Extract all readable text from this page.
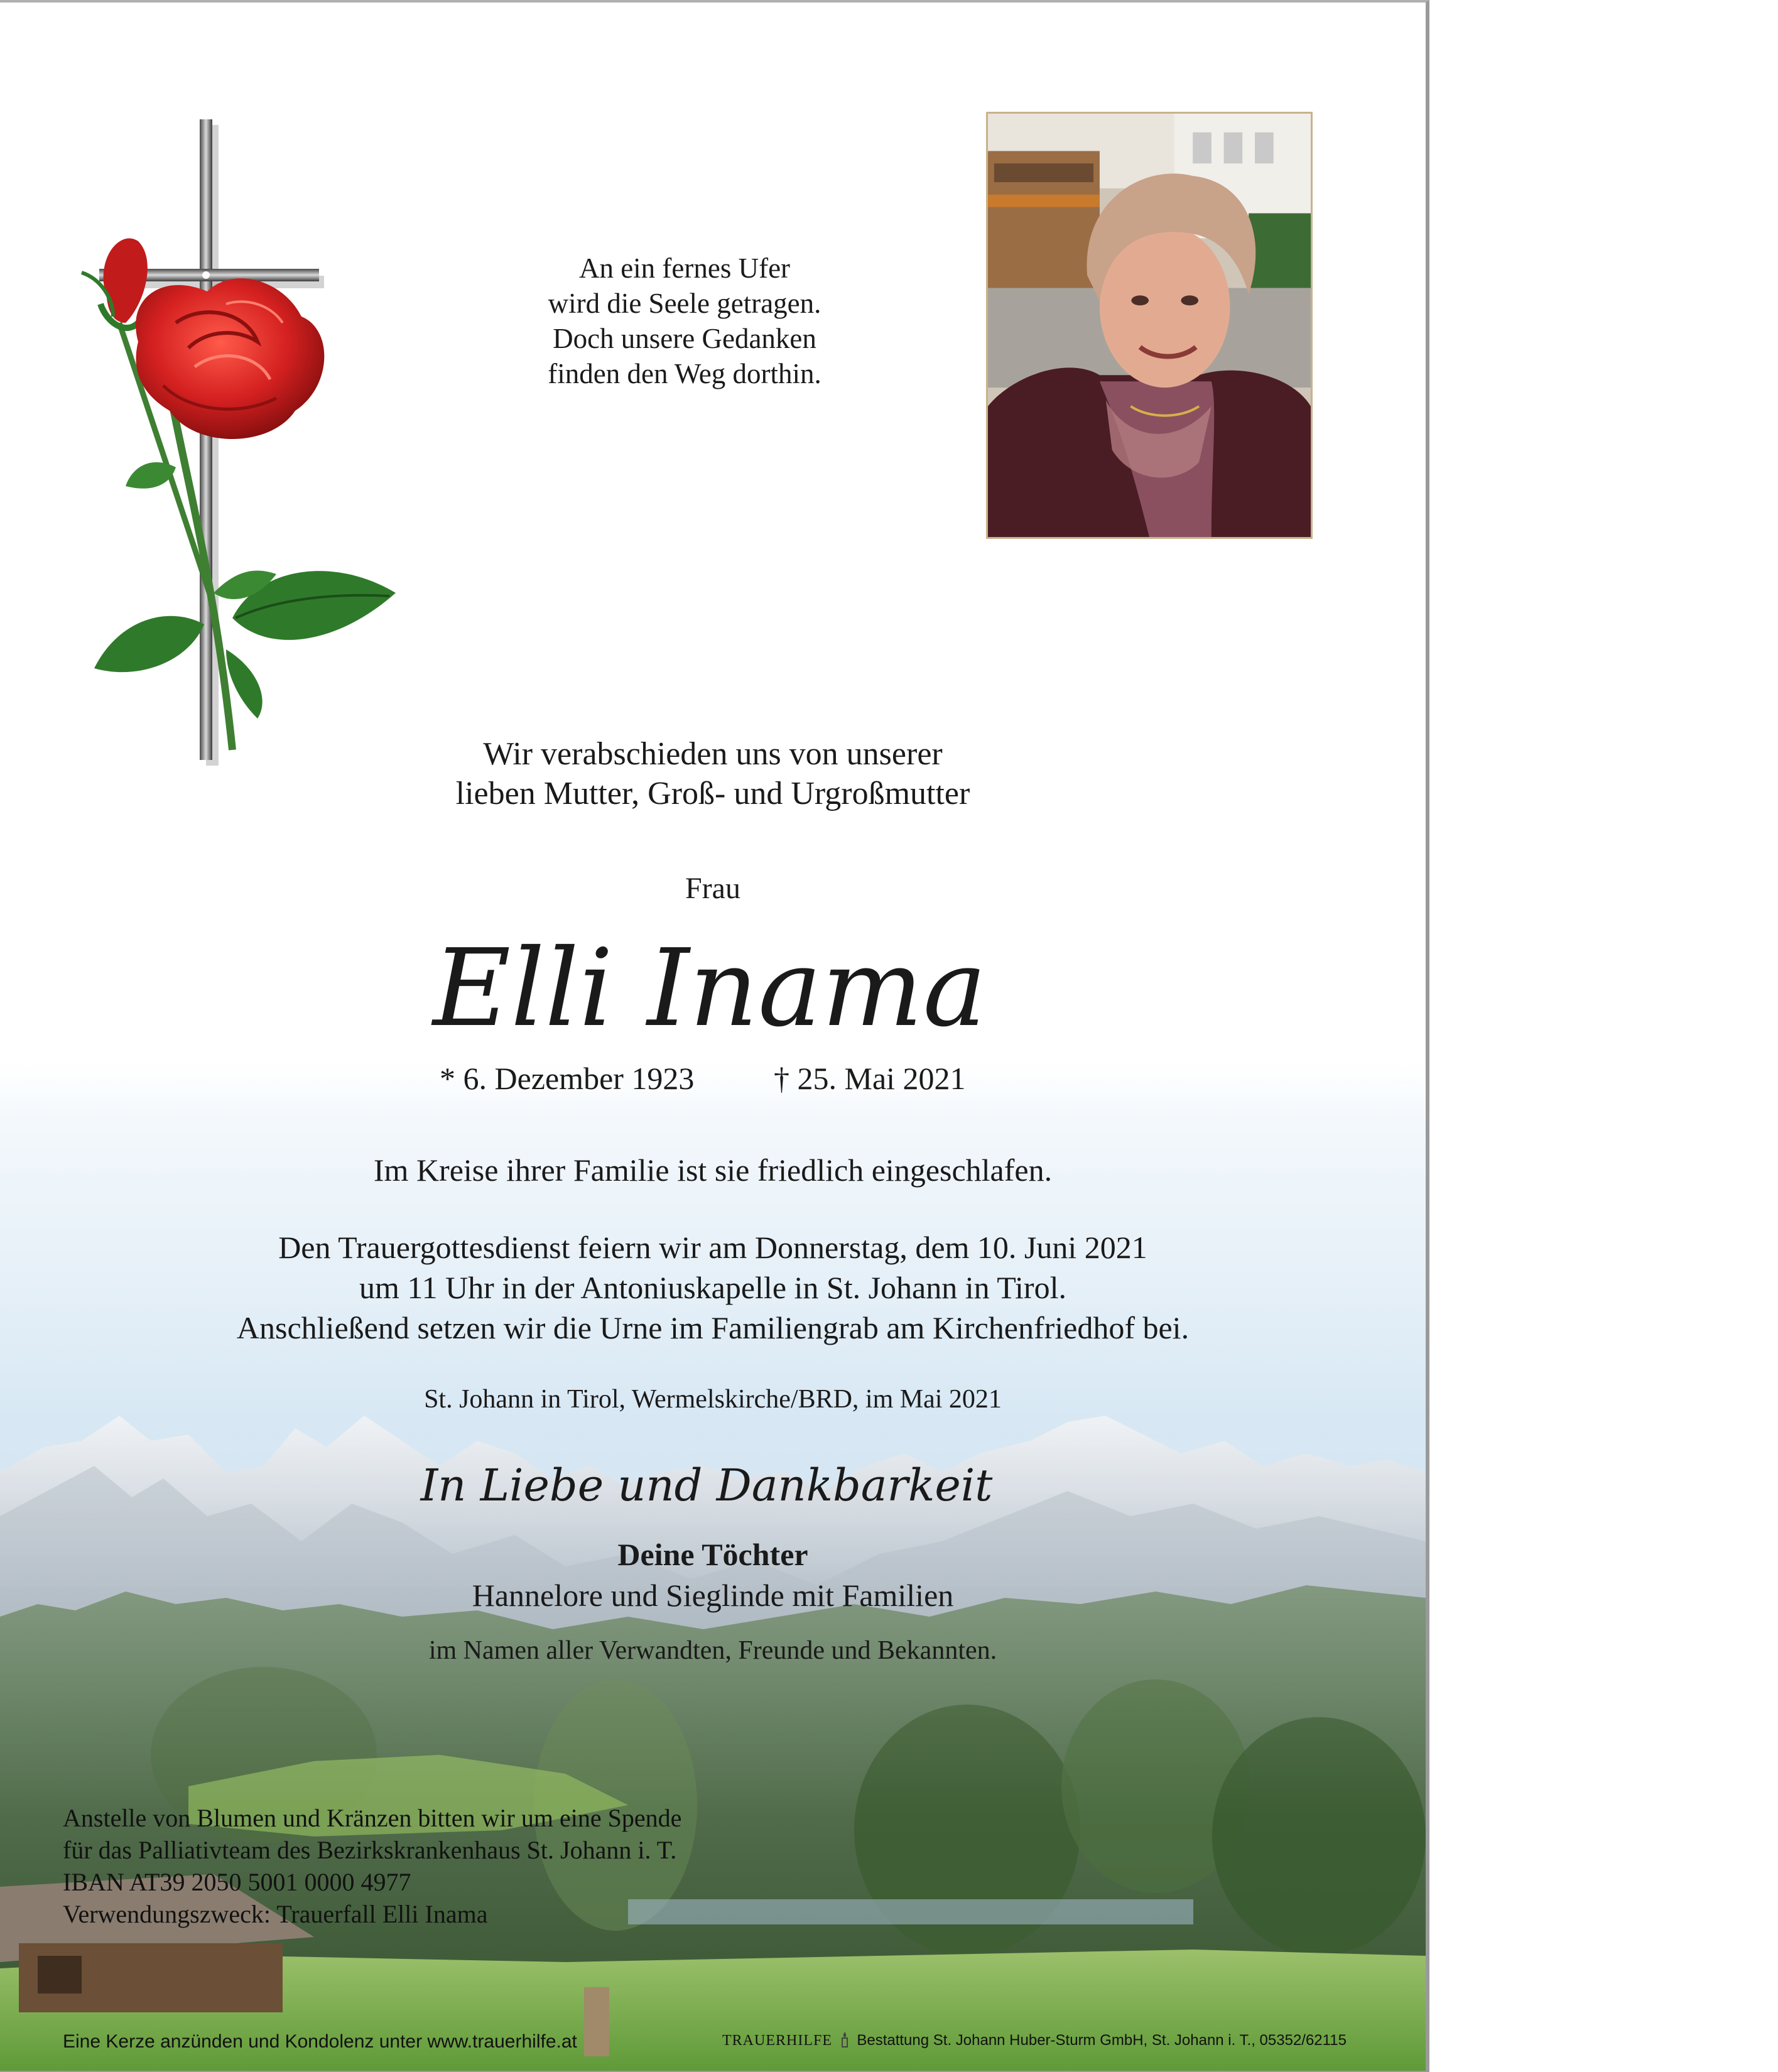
An ein fernes Ufer
wird die Seele getragen.
Doch unsere Gedanken
finden den Weg dorthin.
Wir verabschieden uns von unserer
lieben Mutter, Groß- und Urgroßmutter
Frau
Elli Inama
* 6. Dezember 1923	† 25. Mai 2021
Im Kreise ihrer Familie ist sie friedlich eingeschlafen.
Den Trauergottesdienst feiern wir am Donnerstag, dem 10. Juni 2021
um 11 Uhr in der Antoniuskapelle in St. Johann in Tirol.
Anschließend setzen wir die Urne im Familiengrab am Kirchenfriedhof bei.
St. Johann in Tirol, Wermelskirche/BRD, im Mai 2021
In Liebe und Dankbarkeit
Deine Töchter
Hannelore und Sieglinde mit Familien
im Namen aller Verwandten, Freunde und Bekannten.
Anstelle von Blumen und Kränzen bitten wir um eine Spende
für das Palliativteam des Bezirkskrankenhaus St. Johann i. T.
IBAN AT39 2050 5001 0000 4977
Verwendungszweck: Trauerfall Elli Inama
Eine Kerze anzünden und Kondolenz unter www.trauerhilfe.at	TRAUERHILFE Bestattung St. Johann Huber-Sturm GmbH, St. Johann i. T., 05352/62115
